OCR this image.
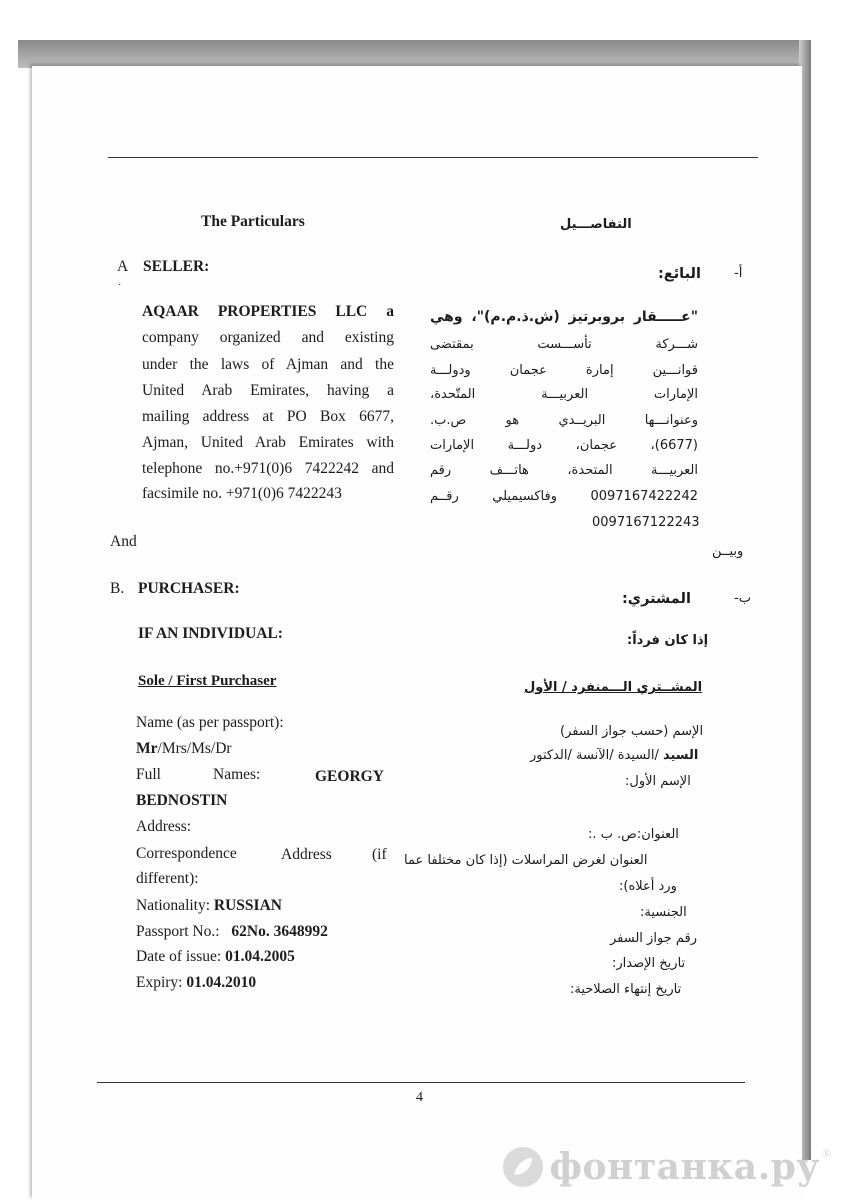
The Particulars	التفاصـــيل
A SELLER:	البائع:	أ-
·
AQAAR PROPERTIES LLC a
company organized and existing
under the laws of Ajman and the
United Arab Emirates, having a
mailing address at PO Box 6677,
Ajman, United Arab Emirates with
telephone no.+971(0)6 7422242 and
facsimile no. +971(0)6 7422243
"عـــــقار بروبرتيز (ش.ذ.م.م)"، وهي
شـــركة تأســـست بمقتضى
قوانـــين إمارة عجمان ودولـــة
الإمارات العربيـــة المتّحدة،
وعنوانـــها البريــدي هو ص.ب.
(6677)، عجمان، دولـــة الإمارات
العربيـــة المتحدة، هاتـــف رقم
0097167422242 وفاكسيميلي رقــم
0097167122243
And
وبيــن
B. PURCHASER:
المشتري:	ب-
IF AN INDIVIDUAL:	إذا كان فرداً:
Sole / First Purchaser	المشــتري الـــمنفرد / الأول
Name (as per passport):
Mr/Mrs/Ms/Dr
Full	Names:	GEORGY
BEDNOSTIN
Address:
Correspondence	Address	(if
different):
Nationality: RUSSIAN
Passport No.: 62No. 3648992
Date of issue: 01.04.2005
Expiry: 01.04.2010
الإسم (حسب جواز السفر)
السيد /السيدة /الآنسة /الدكتور
الإسم الأول:
العنوان:ص. ب .:
العنوان لغرض المراسلات (إذا كان مختلفا عما
ورد أعلاه):
الجنسية:
رقم جواز السفر
تاريخ الإصدار:
تاريخ إنتهاء الصلاحية:
4
фонтанка.ру ®
